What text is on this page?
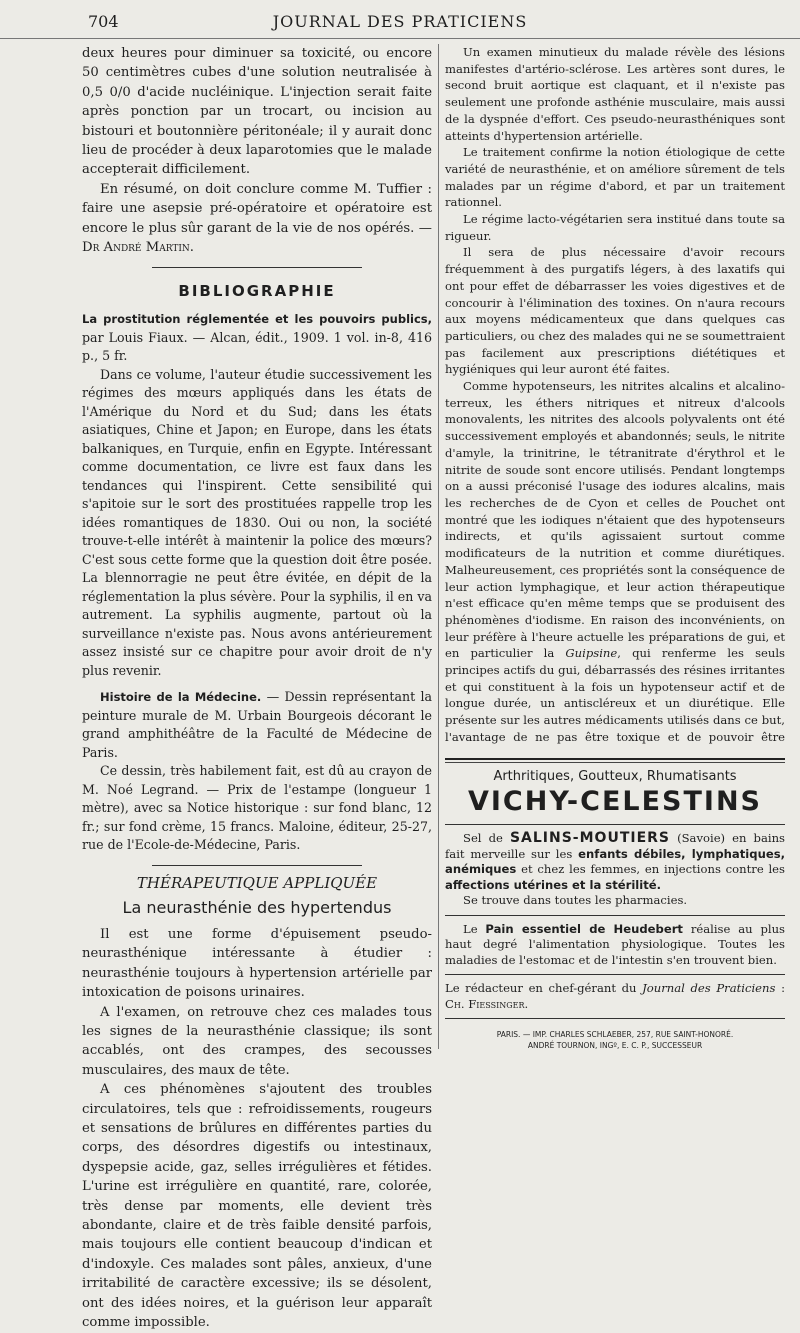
704	JOURNAL DES PRATICIENS

deux heures pour diminuer sa toxicité, ou encore 50 centimètres cubes d'une solution neutralisée à 0,5 0/0 d'acide nucléinique. L'injection serait faite après ponction par un trocart, ou incision au bistouri et boutonnière péritonéale; il y aurait donc lieu de procéder à deux laparotomies que le malade accepterait difficilement.

En résumé, on doit conclure comme M. Tuffier : faire une asepsie pré-opératoire et opératoire est encore le plus sûr garant de la vie de nos opérés. — Dr André Martin.

BIBLIOGRAPHIE

La prostitution réglementée et les pouvoirs publics, par Louis Fiaux. — Alcan, édit., 1909. 1 vol. in-8, 416 p., 5 fr.

Dans ce volume, l'auteur étudie successivement les régimes des mœurs appliqués dans les états de l'Amérique du Nord et du Sud; dans les états asiatiques, Chine et Japon; en Europe, dans les états balkaniques, en Turquie, enfin en Egypte. Intéressant comme documentation, ce livre est faux dans les tendances qui l'inspirent. Cette sensibilité qui s'apitoie sur le sort des prostituées rappelle trop les idées romantiques de 1830. Oui ou non, la société trouve-t-elle intérêt à maintenir la police des mœurs? C'est sous cette forme que la question doit être posée. La blennorragie ne peut être évitée, en dépit de la réglementation la plus sévère. Pour la syphilis, il en va autrement. La syphilis augmente, partout où la surveillance n'existe pas. Nous avons antérieurement assez insisté sur ce chapitre pour avoir droit de n'y plus revenir.

Histoire de la Médecine. — Dessin représentant la peinture murale de M. Urbain Bourgeois décorant le grand amphithéâtre de la Faculté de Médecine de Paris.

Ce dessin, très habilement fait, est dû au crayon de M. Noé Legrand. — Prix de l'estampe (longueur 1 mètre), avec sa Notice historique : sur fond blanc, 12 fr.; sur fond crème, 15 francs. Maloine, éditeur, 25-27, rue de l'Ecole-de-Médecine, Paris.

THÉRAPEUTIQUE APPLIQUÉE
La neurasthénie des hypertendus

Il est une forme d'épuisement pseudo-neurasthénique intéressante à étudier : neurasthénie toujours à hypertension artérielle par intoxication de poisons urinaires.

A l'examen, on retrouve chez ces malades tous les signes de la neurasthénie classique; ils sont accablés, ont des crampes, des secousses musculaires, des maux de tête.

A ces phénomènes s'ajoutent des troubles circulatoires, tels que : refroidissements, rougeurs et sensations de brûlures en différentes parties du corps, des désordres digestifs ou intestinaux, dyspepsie acide, gaz, selles irrégulières et fétides. L'urine est irrégulière en quantité, rare, colorée, très dense par moments, elle devient très abondante, claire et de très faible densité parfois, mais toujours elle contient beaucoup d'indican et d'indoxyle. Ces malades sont pâles, anxieux, d'une irritabilité de caractère excessive; ils se désolent, ont des idées noires, et la guérison leur apparaît comme impossible.

Un examen minutieux du malade révèle des lésions manifestes d'artério-sclérose. Les artères sont dures, le second bruit aortique est claquant, et il n'existe pas seulement une profonde asthénie musculaire, mais aussi de la dyspnée d'effort. Ces pseudo-neurasthéniques sont atteints d'hypertension artérielle.

Le traitement confirme la notion étiologique de cette variété de neurasthénie, et on améliore sûrement de tels malades par un régime d'abord, et par un traitement rationnel.

Le régime lacto-végétarien sera institué dans toute sa rigueur.

Il sera de plus nécessaire d'avoir recours fréquemment à des purgatifs légers, à des laxatifs qui ont pour effet de débarrasser les voies digestives et de concourir à l'élimination des toxines. On n'aura recours aux moyens médicamenteux que dans quelques cas particuliers, ou chez des malades qui ne se soumettraient pas facilement aux prescriptions diététiques et hygiéniques qui leur auront été faites.

Comme hypotenseurs, les nitrites alcalins et alcalino-terreux, les éthers nitriques et nitreux d'alcools monovalents, les nitrites des alcools polyvalents ont été successivement employés et abandonnés; seuls, le nitrite d'amyle, la trinitrine, le tétranitrate d'érythrol et le nitrite de soude sont encore utilisés. Pendant longtemps on a aussi préconisé l'usage des iodures alcalins, mais les recherches de de Cyon et celles de Pouchet ont montré que les iodiques n'étaient que des hypotenseurs indirects, et qu'ils agissaient surtout comme modificateurs de la nutrition et comme diurétiques. Malheureusement, ces propriétés sont la conséquence de leur action lymphagique, et leur action thérapeutique n'est efficace qu'en même temps que se produisent des phénomènes d'iodisme. En raison des inconvénients, on leur préfère à l'heure actuelle les préparations de gui, et en particulier la Guipsine, qui renferme les seuls principes actifs du gui, débarrassés des résines irritantes et qui constituent à la fois un hypotenseur actif et de longue durée, un antiscléreux et un diurétique. Elle présente sur les autres médicaments utilisés dans ce but, l'avantage de ne pas être toxique et de pouvoir être

Arthritiques, Goutteux, Rhumatisants
VICHY-CELESTINS

Sel de SALINS-MOUTIERS (Savoie) en bains fait merveille sur les enfants débiles, lymphatiques, anémiques et chez les femmes, en injections contre les affections utérines et la stérilité.

Se trouve dans toutes les pharmacies.

Le Pain essentiel de Heudebert réalise au plus haut degré l'alimentation physiologique. Toutes les maladies de l'estomac et de l'intestin s'en trouvent bien.

Le rédacteur en chef-gérant du Journal des Praticiens : Ch. Fiessinger.

PARIS. — IMP. CHARLES SCHLAEBER, 257, RUE SAINT-HONORÉ.
ANDRÉ TOURNON, INGº, E. C. P., SUCCESSEUR
